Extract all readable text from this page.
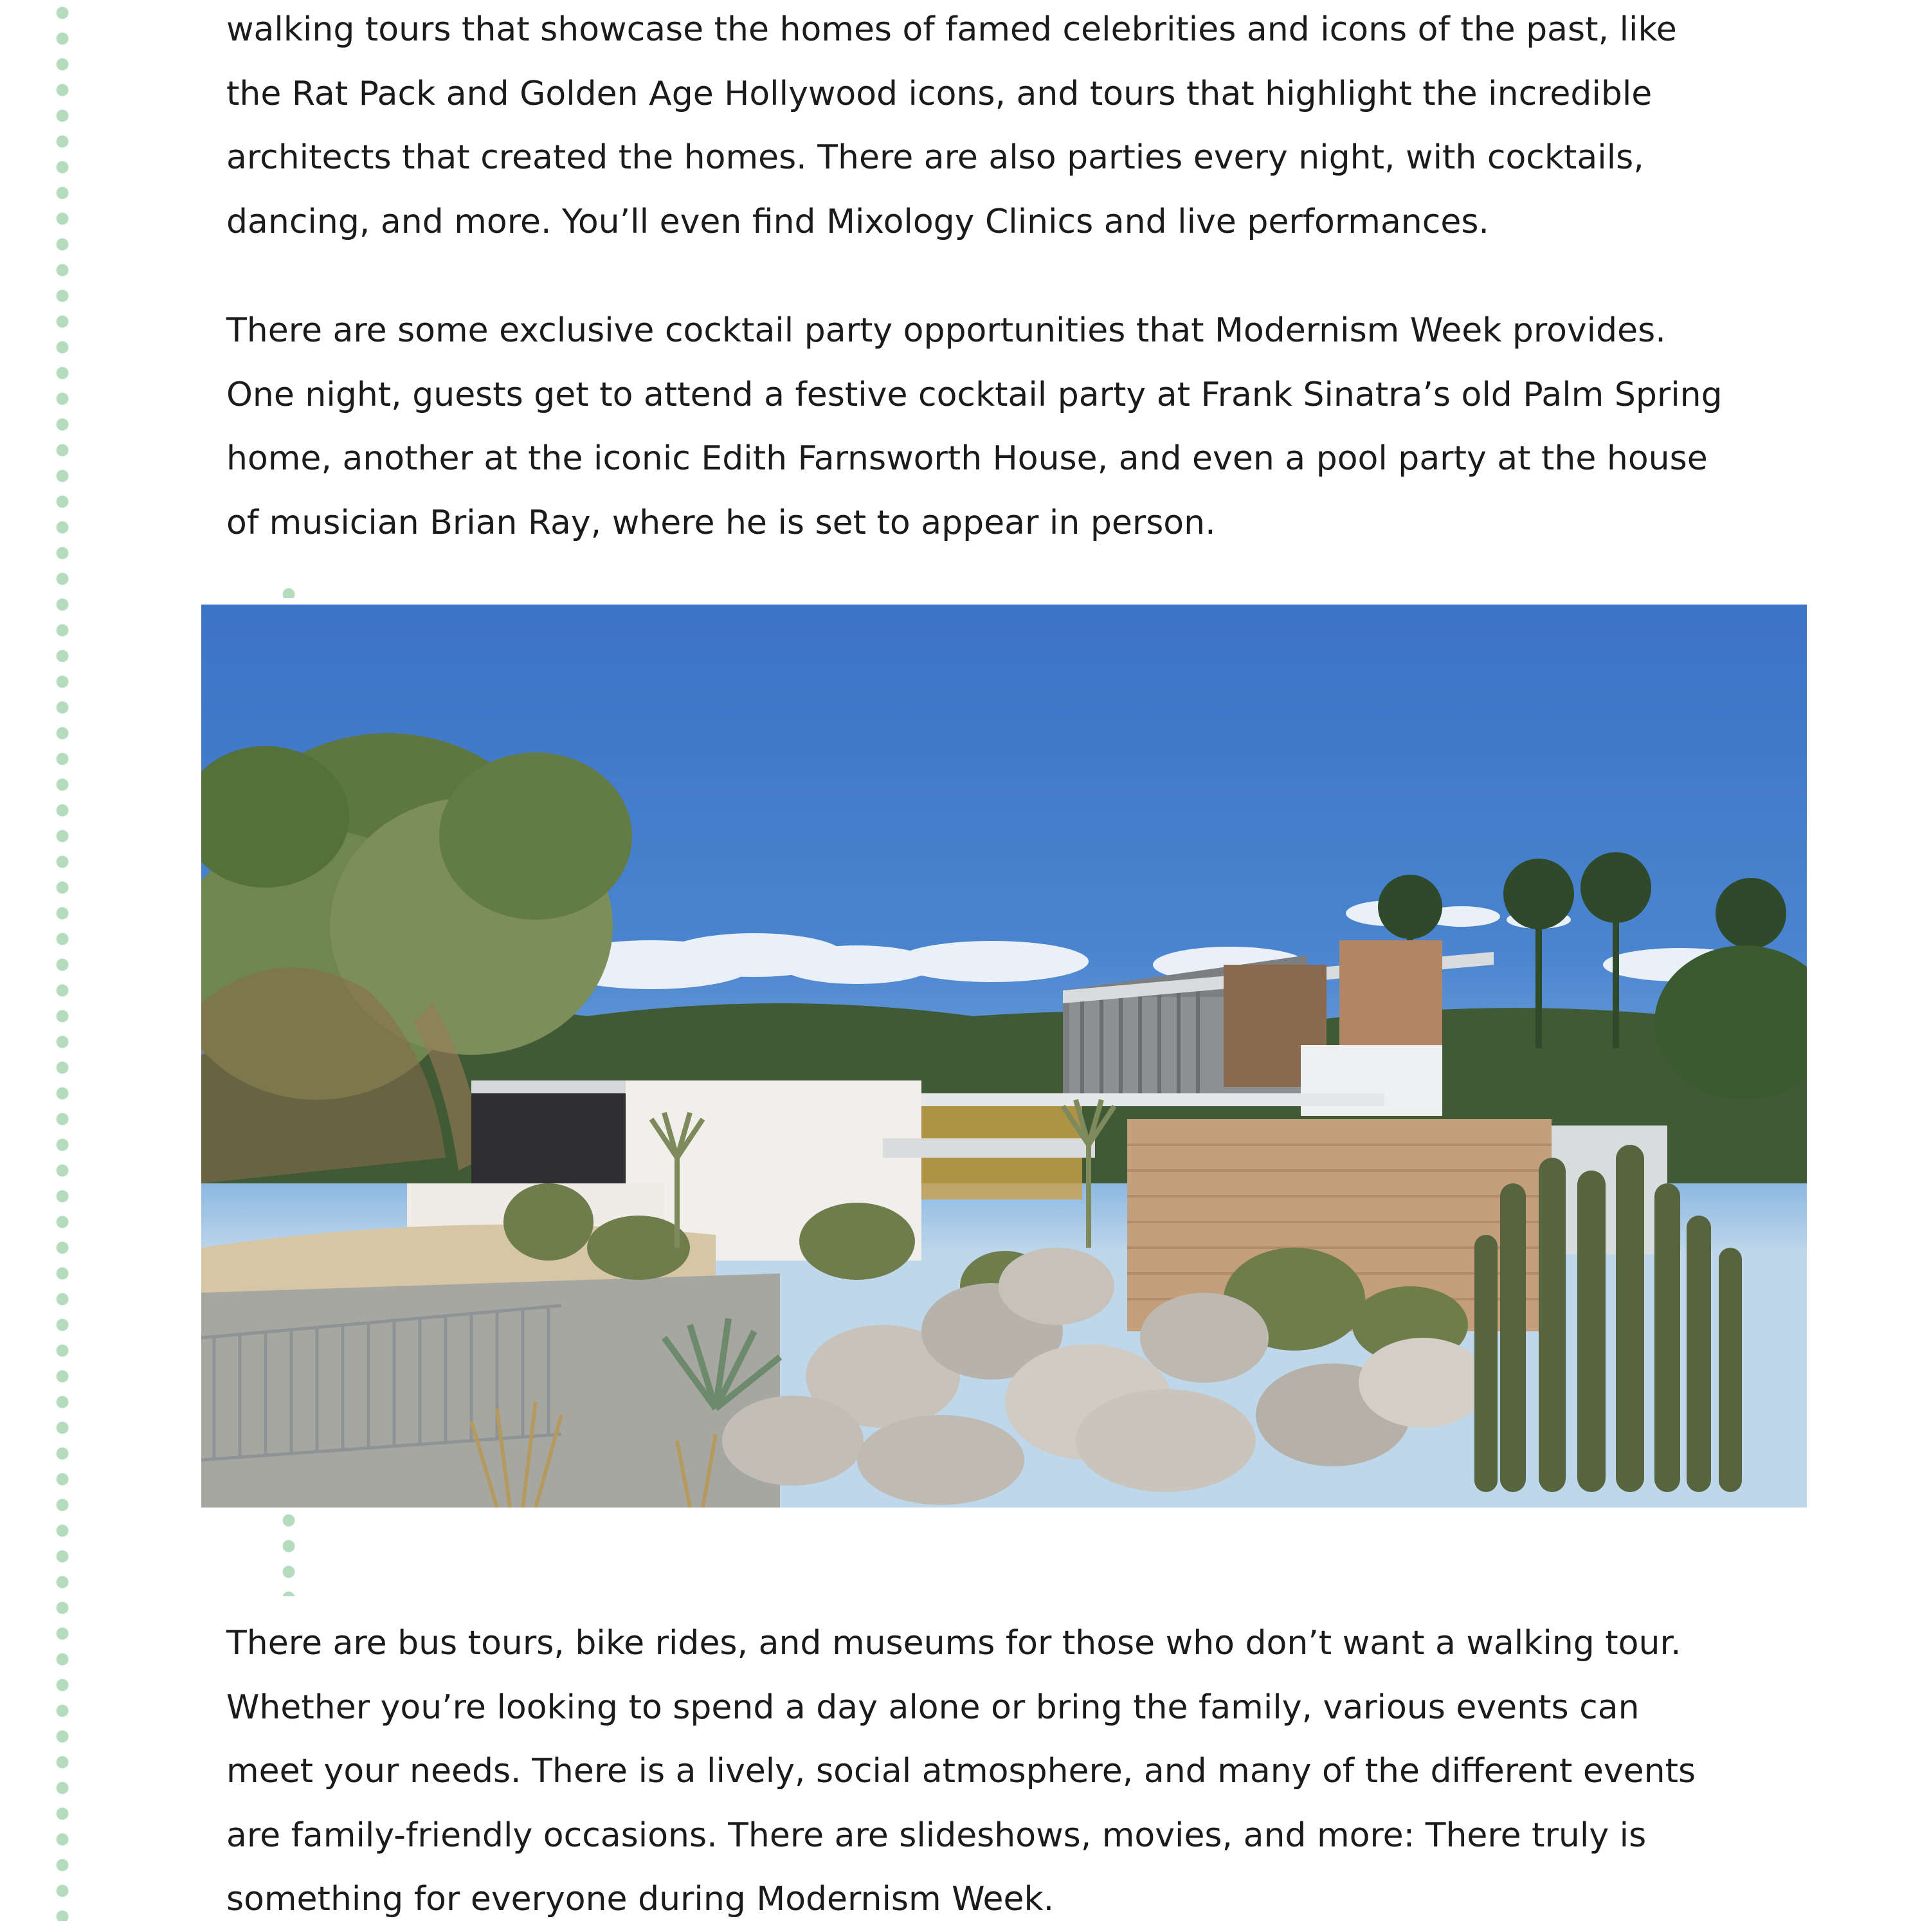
walking tours that showcase the homes of famed celebrities and icons of the past, like the Rat Pack and Golden Age Hollywood icons, and tours that highlight the incredible architects that created the homes. There are also parties every night, with cocktails, dancing, and more. You’ll even find Mixology Clinics and live performances.

There are some exclusive cocktail party opportunities that Modernism Week provides. One night, guests get to attend a festive cocktail party at Frank Sinatra’s old Palm Spring home, another at the iconic Edith Farnsworth House, and even a pool party at the house of musician Brian Ray, where he is set to appear in person.

There are bus tours, bike rides, and museums for those who don’t want a walking tour. Whether you’re looking to spend a day alone or bring the family, various events can meet your needs. There is a lively, social atmosphere, and many of the different events are family-friendly occasions. There are slideshows, movies, and more: There truly is something for everyone during Modernism Week.
